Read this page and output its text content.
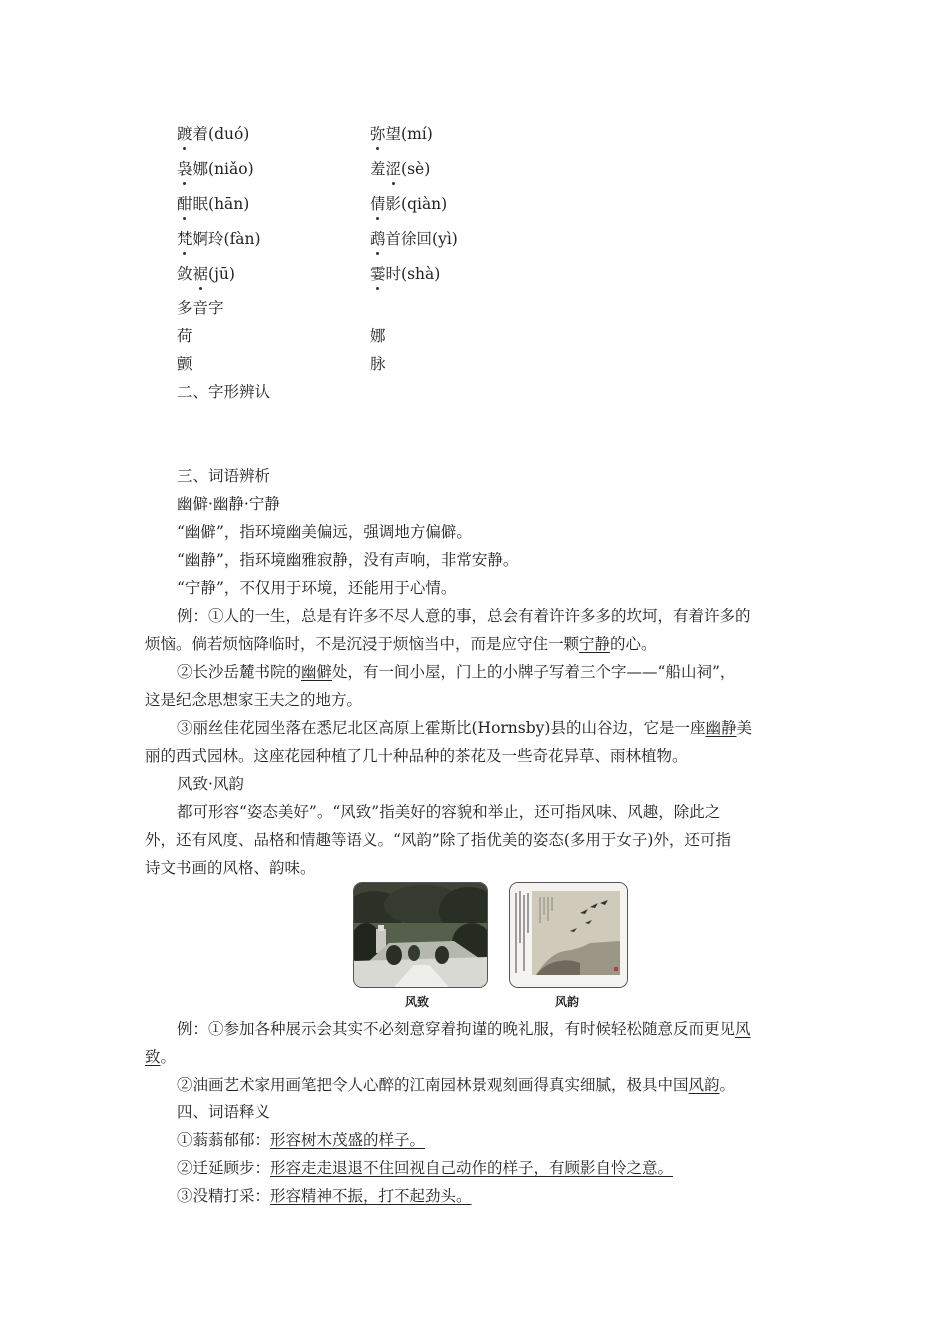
踱着(duó)	弥望(mí)
袅娜(niǎo)	羞涩(sè)
酣眠(hān)	倩影(qiàn)
梵婀玲(fàn)	鹉首徐回(yì)
敛裾(jū)	霎时(shà)
多音字
荷	娜
颤	脉
二、字形辨认
三、词语辨析
幽僻·幽静·宁静
“幽僻”，指环境幽美偏远，强调地方偏僻。
“幽静”，指环境幽雅寂静，没有声响，非常安静。
“宁静”，不仅用于环境，还能用于心情。
例：①人的一生，总是有许多不尽人意的事，总会有着许许多多的坎坷，有着许多的
烦恼。倘若烦恼降临时，不是沉浸于烦恼当中，而是应守住一颗宁静的心。
②长沙岳麓书院的幽僻处，有一间小屋，门上的小牌子写着三个字——“船山祠”，
这是纪念思想家王夫之的地方。
③丽丝佳花园坐落在悉尼北区高原上霍斯比(Hornsby)县的山谷边，它是一座幽静美
丽的西式园林。这座花园种植了几十种品种的茶花及一些奇花异草、雨林植物。
风致·风韵
都可形容“姿态美好”。“风致”指美好的容貌和举止，还可指风味、风趣，除此之
外，还有风度、品格和情趣等语义。“风韵”除了指优美的姿态(多用于女子)外，还可指
诗文书画的风格、韵味。
风致	风韵
例：①参加各种展示会其实不必刻意穿着拘谨的晚礼服，有时候轻松随意反而更见风
致。
②油画艺术家用画笔把令人心醉的江南园林景观刻画得真实细腻，极具中国风韵。
四、词语释义
①蓊蓊郁郁：形容树木茂盛的样子。
②迁延顾步：形容走走退退不住回视自己动作的样子，有顾影自怜之意。
③没精打采：形容精神不振，打不起劲头。
